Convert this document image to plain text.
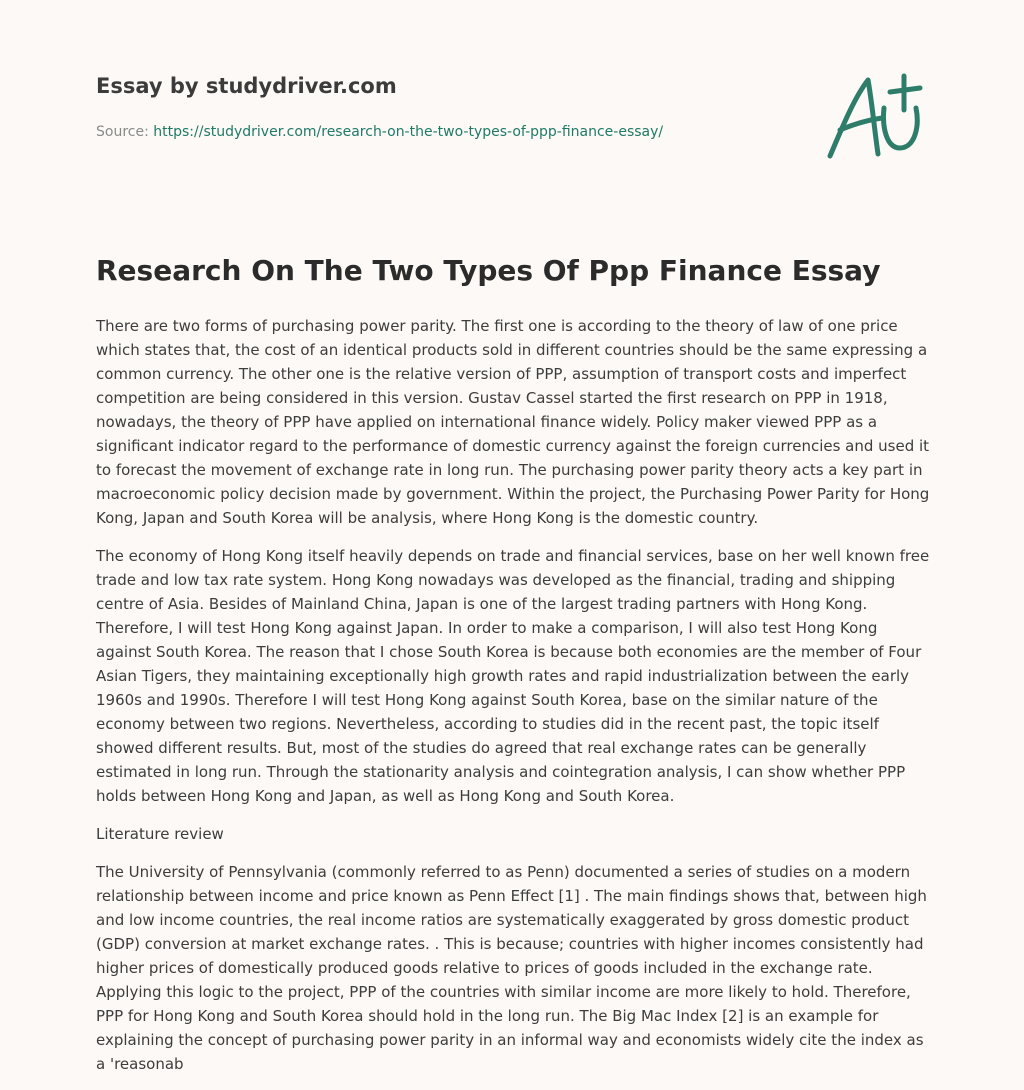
Essay by studydriver.com
Source: https://studydriver.com/research-on-the-two-types-of-ppp-finance-essay/
Research On The Two Types Of Ppp Finance Essay

There are two forms of purchasing power parity. The first one is according to the theory of law of one price which states that, the cost of an identical products sold in different countries should be the same expressing a common currency. The other one is the relative version of PPP, assumption of transport costs and imperfect competition are being considered in this version. Gustav Cassel started the first research on PPP in 1918, nowadays, the theory of PPP have applied on international finance widely. Policy maker viewed PPP as a significant indicator regard to the performance of domestic currency against the foreign currencies and used it to forecast the movement of exchange rate in long run. The purchasing power parity theory acts a key part in macroeconomic policy decision made by government. Within the project, the Purchasing Power Parity for Hong Kong, Japan and South Korea will be analysis, where Hong Kong is the domestic country.

The economy of Hong Kong itself heavily depends on trade and financial services, base on her well known free trade and low tax rate system. Hong Kong nowadays was developed as the financial, trading and shipping centre of Asia. Besides of Mainland China, Japan is one of the largest trading partners with Hong Kong. Therefore, I will test Hong Kong against Japan. In order to make a comparison, I will also test Hong Kong against South Korea. The reason that I chose South Korea is because both economies are the member of Four Asian Tigers, they maintaining exceptionally high growth rates and rapid industrialization between the early 1960s and 1990s. Therefore I will test Hong Kong against South Korea, base on the similar nature of the economy between two regions. Nevertheless, according to studies did in the recent past, the topic itself showed different results. But, most of the studies do agreed that real exchange rates can be generally estimated in long run. Through the stationarity analysis and cointegration analysis, I can show whether PPP holds between Hong Kong and Japan, as well as Hong Kong and South Korea.

Literature review

The University of Pennsylvania (commonly referred to as Penn) documented a series of studies on a modern relationship between income and price known as Penn Effect [1] . The main findings shows that, between high and low income countries, the real income ratios are systematically exaggerated by gross domestic product (GDP) conversion at market exchange rates. . This is because; countries with higher incomes consistently had higher prices of domestically produced goods relative to prices of goods included in the exchange rate. Applying this logic to the project, PPP of the countries with similar income are more likely to hold. Therefore, PPP for Hong Kong and South Korea should hold in the long run. The Big Mac Index [2] is an example for explaining the concept of purchasing power parity in an informal way and economists widely cite the index as a 'reasonab
